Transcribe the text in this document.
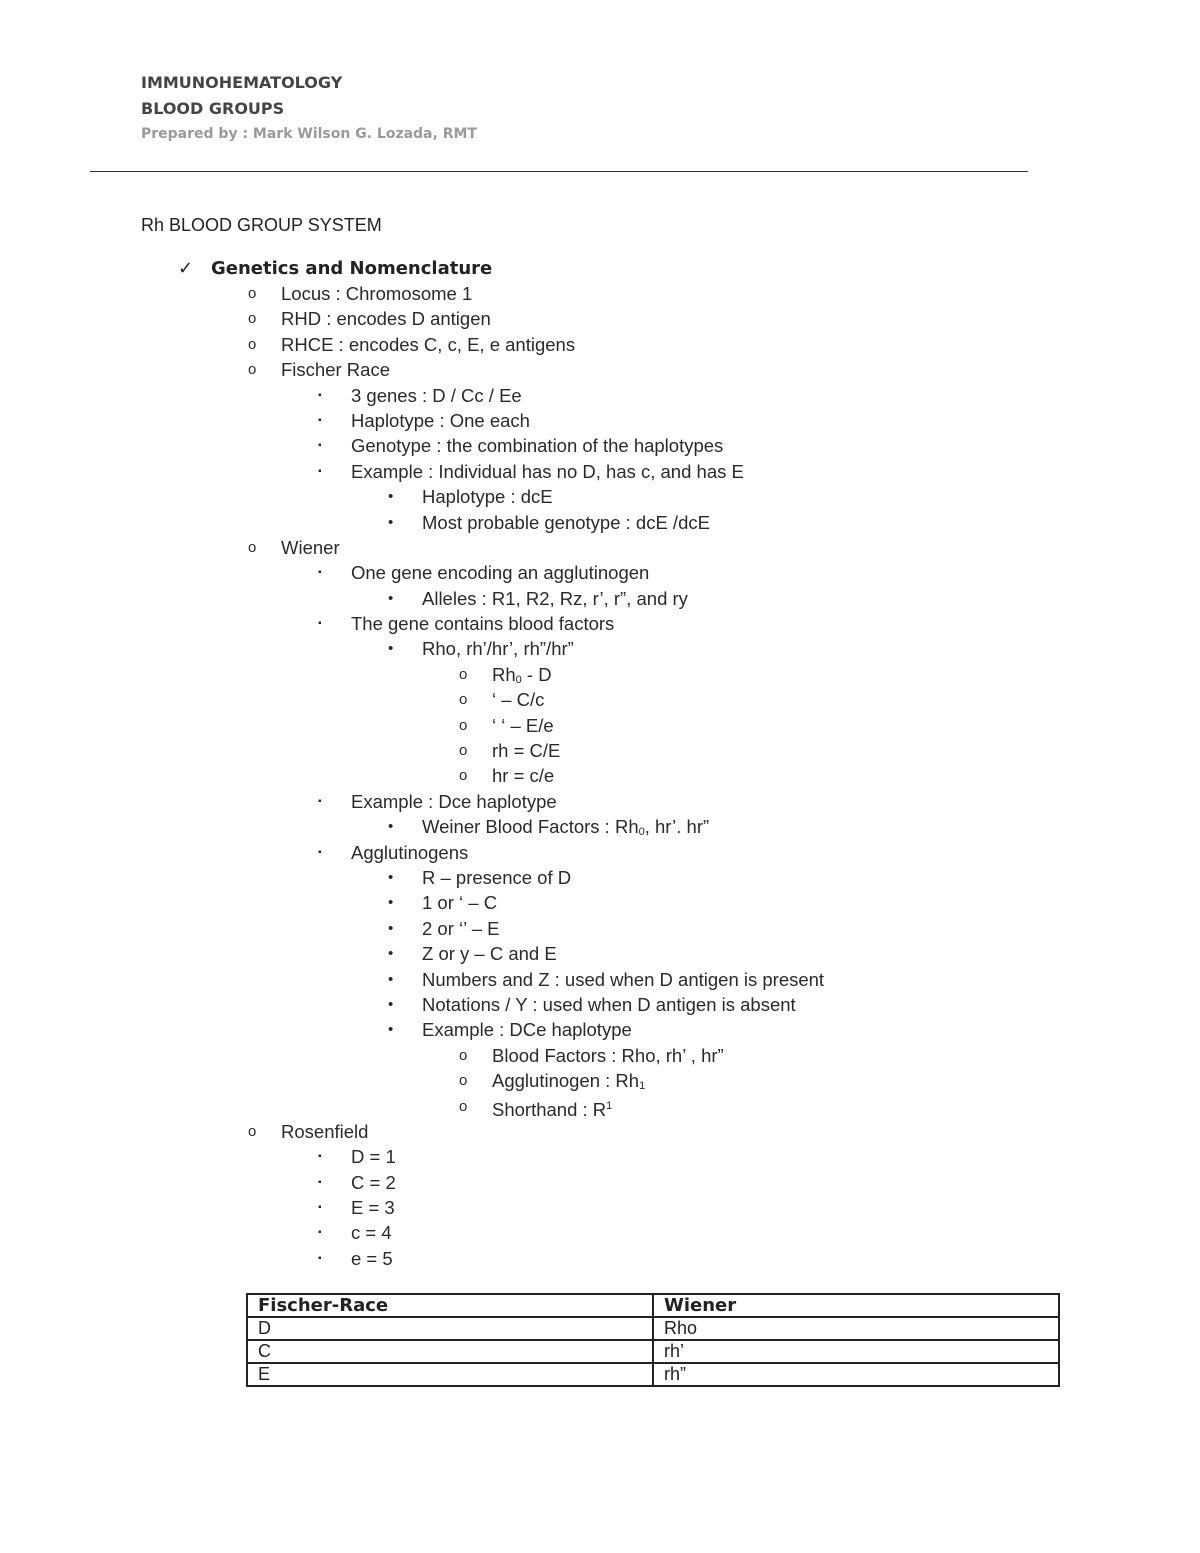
IMMUNOHEMATOLOGY
BLOOD GROUPS
Prepared by : Mark Wilson G. Lozada, RMT
Rh BLOOD GROUP SYSTEM
✓ Genetics and Nomenclature
o Locus : Chromosome 1
o RHD : encodes D antigen
o RHCE : encodes C, c, E, e antigens
o Fischer Race
▪ 3 genes : D / Cc / Ee
▪ Haplotype : One each
▪ Genotype : the combination of the haplotypes
▪ Example : Individual has no D, has c, and has E
• Haplotype : dcE
• Most probable genotype : dcE /dcE
o Wiener
▪ One gene encoding an agglutinogen
• Alleles : R1, R2, Rz, r’, r”, and ry
▪ The gene contains blood factors
• Rho, rh’/hr’, rh”/hr”
o Rh0 - D
o ‘ – C/c
o ‘ ‘ – E/e
o rh = C/E
o hr = c/e
▪ Example : Dce haplotype
• Weiner Blood Factors : Rh0, hr’. hr”
▪ Agglutinogens
• R – presence of D
• 1 or ‘ – C
• 2 or ‘’ – E
• Z or y – C and E
• Numbers and Z : used when D antigen is present
• Notations / Y : used when D antigen is absent
• Example : DCe haplotype
o Blood Factors : Rho, rh’ , hr”
o Agglutinogen : Rh1
o Shorthand : $R^1$
o Rosenfield
▪ D = 1
▪ C = 2
▪ E = 3
▪ c = 4
▪ e = 5
Fischer-Race	Wiener
D	Rho
C	rh’
E	rh”
